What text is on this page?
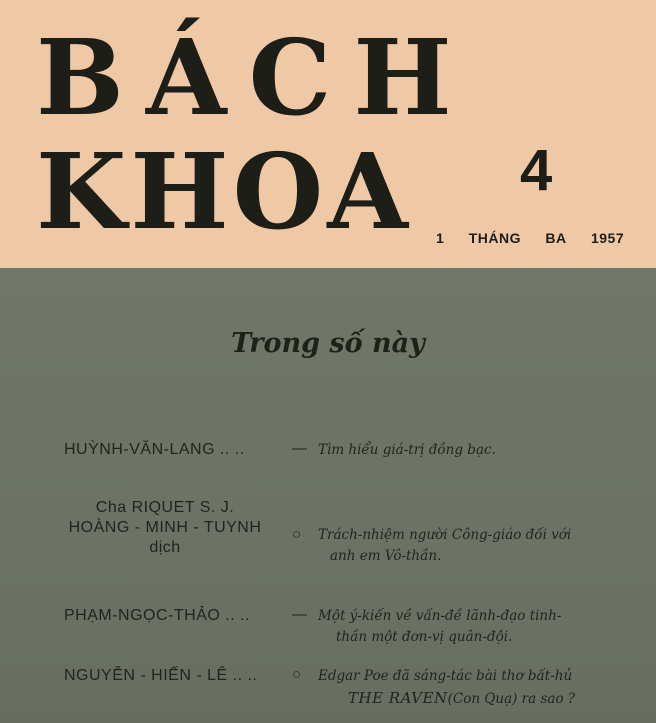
BÁCH
KHOA 4
1 THÁNG BA 1957
Trong số này
HUỲNH-VĂN-LANG .. ..	— Tìm hiểu giá-trị đồng bạc.
Cha RIQUET S. J.
HOÀNG - MINH - TUYNH
dịch
○ Trách-nhiệm người Công-giáo đối với
anh em Vô-thần.
PHẠM-NGỌC-THẢO .. ..	— Một ý-kiến về vấn-đề lãnh-đạo tinh-
thần một đơn-vị quân-đội.
NGUYỄN - HIẾN - LÊ .. .. ○ Edgar Poe đã sáng-tác bài thơ bất-hủ
THE RAVEN(Con Quạ) ra sao ?
